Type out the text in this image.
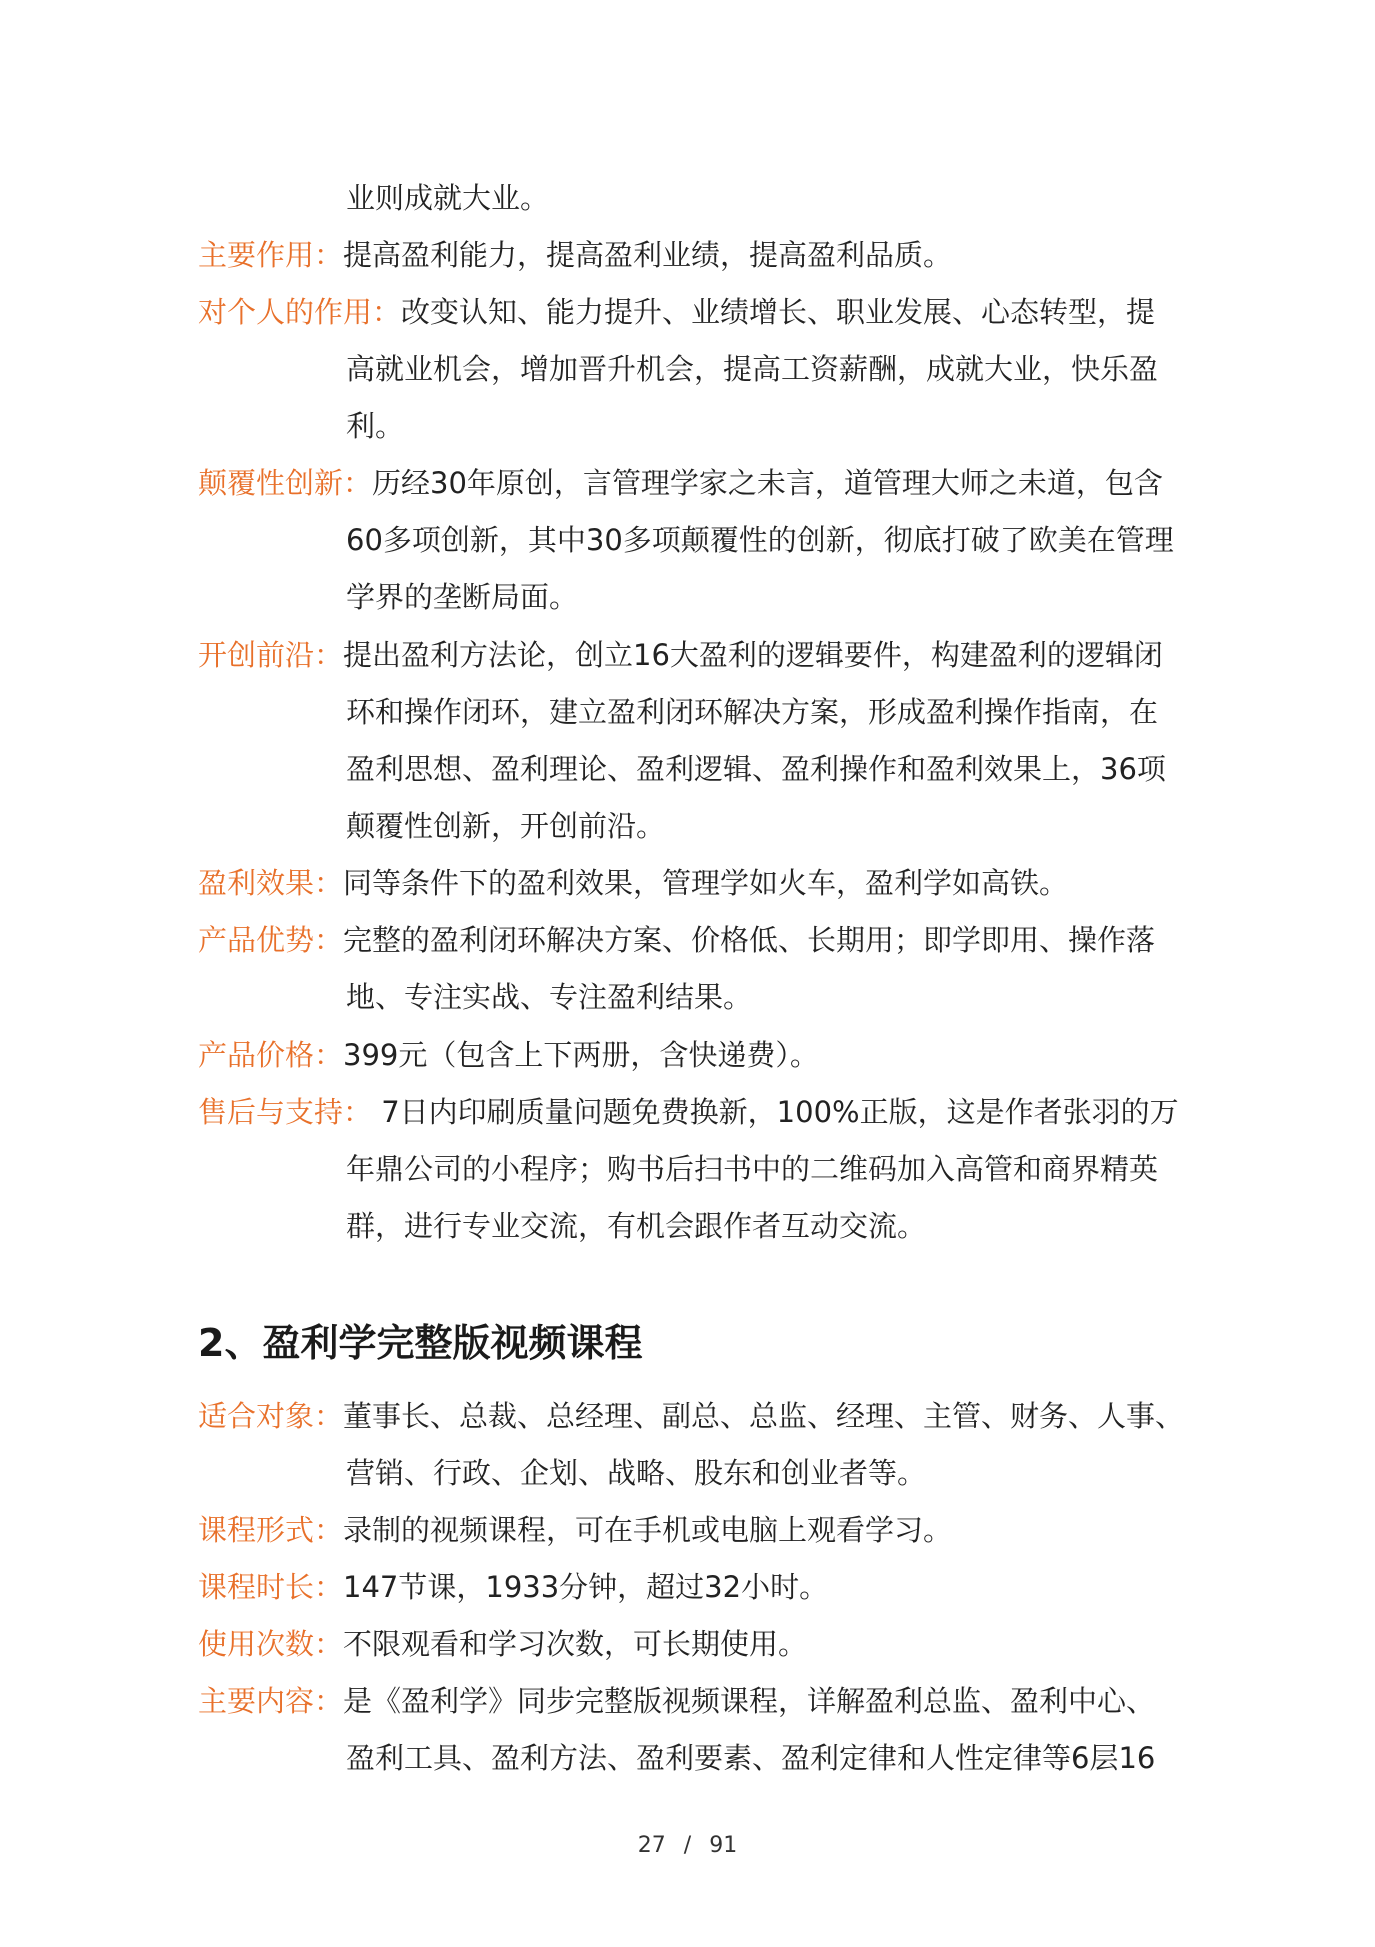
业则成就大业。
主要作用：提高盈利能力，提高盈利业绩，提高盈利品质。
对个人的作用：改变认知、能力提升、业绩增长、职业发展、心态转型，提
高就业机会，增加晋升机会，提高工资薪酬，成就大业，快乐盈
利。
颠覆性创新：历经30年原创，言管理学家之未言，道管理大师之未道，包含
60多项创新，其中30多项颠覆性的创新，彻底打破了欧美在管理
学界的垄断局面。
开创前沿：提出盈利方法论，创立16大盈利的逻辑要件，构建盈利的逻辑闭
环和操作闭环，建立盈利闭环解决方案，形成盈利操作指南，在
盈利思想、盈利理论、盈利逻辑、盈利操作和盈利效果上，36项
颠覆性创新，开创前沿。
盈利效果：同等条件下的盈利效果，管理学如火车，盈利学如高铁。
产品优势：完整的盈利闭环解决方案、价格低、长期用；即学即用、操作落
地、专注实战、专注盈利结果。
产品价格：399元（包含上下两册，含快递费）。
售后与支持： 7日内印刷质量问题免费换新，100%正版，这是作者张羽的万
年鼎公司的小程序；购书后扫书中的二维码加入高管和商界精英
群，进行专业交流，有机会跟作者互动交流。
2、盈利学完整版视频课程
适合对象：董事长、总裁、总经理、副总、总监、经理、主管、财务、人事、
营销、行政、企划、战略、股东和创业者等。
课程形式：录制的视频课程，可在手机或电脑上观看学习。
课程时长：147节课，1933分钟，超过32小时。
使用次数：不限观看和学习次数，可长期使用。
主要内容：是《盈利学》同步完整版视频课程，详解盈利总监、盈利中心、
盈利工具、盈利方法、盈利要素、盈利定律和人性定律等6层16
27 / 91
